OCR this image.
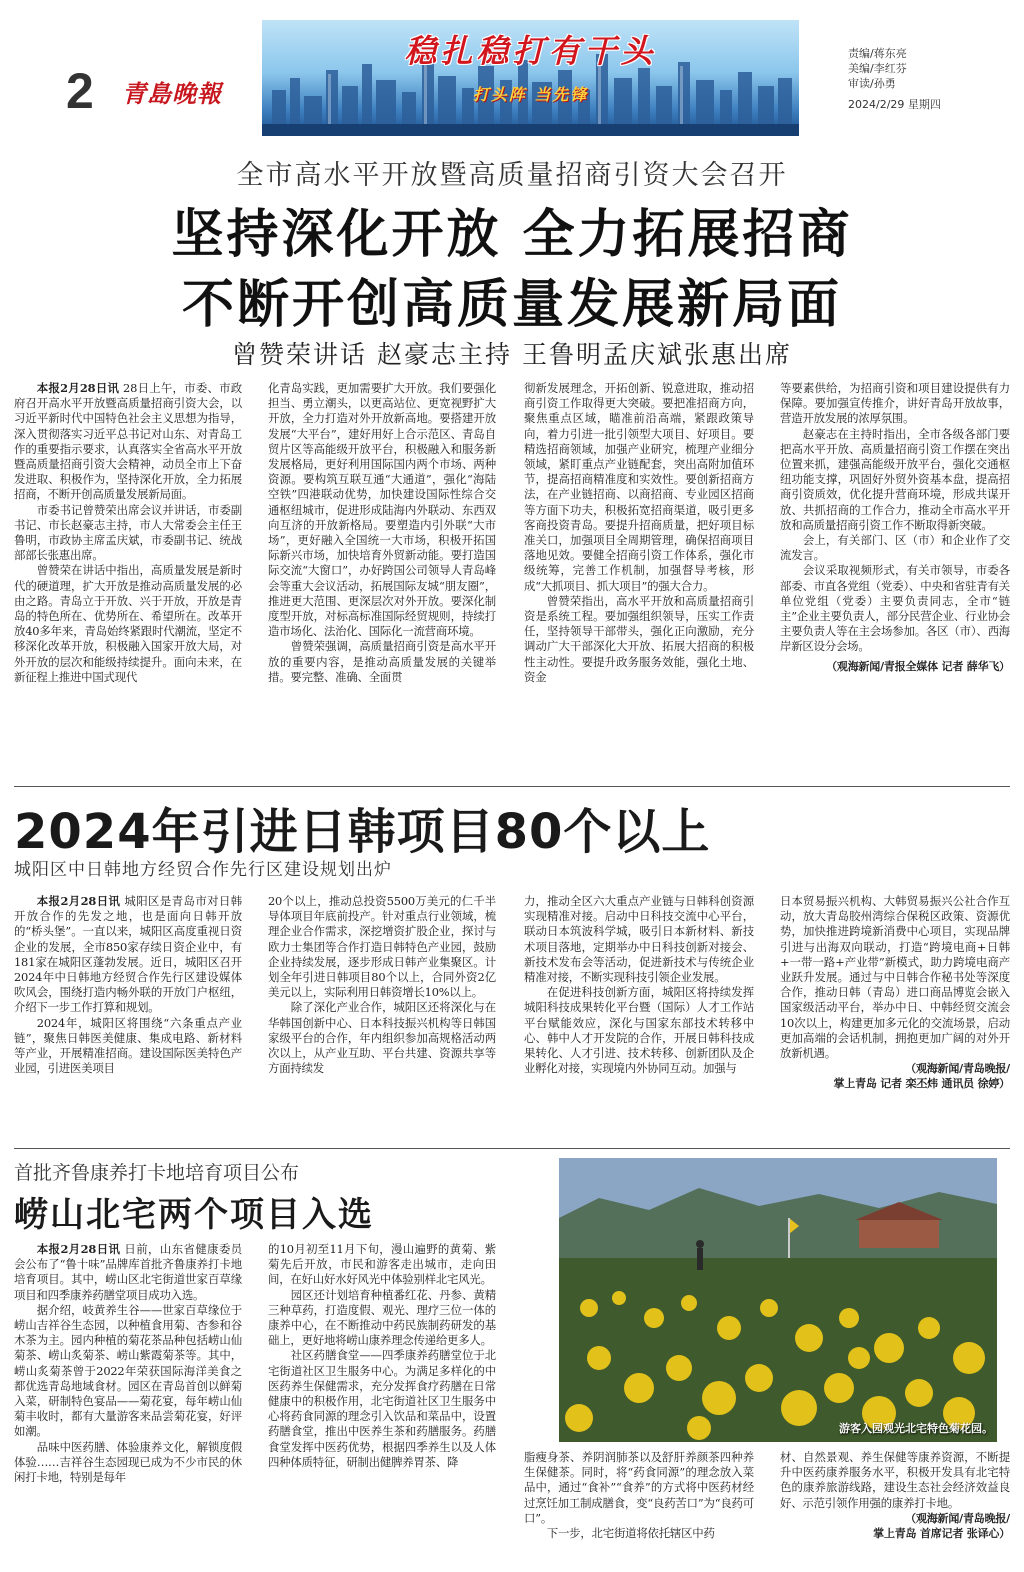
2 青島晚報
稳扎稳打有干头
打头阵 当先锋
责编/蒋东亮
美编/李红芬
审读/孙勇
2024/2/29 星期四
全市高水平开放暨高质量招商引资大会召开
坚持深化开放 全力拓展招商
不断开创高质量发展新局面
曾赞荣讲话 赵豪志主持 王鲁明孟庆斌张惠出席

本报2月28日讯 28日上午，市委、市政府召开高水平开放暨高质量招商引资大会，以习近平新时代中国特色社会主义思想为指导，深入贯彻落实习近平总书记对山东、对青岛工作的重要指示要求，认真落实全省高水平开放暨高质量招商引资大会精神，动员全市上下奋发进取、积极作为，坚持深化开放，全力拓展招商，不断开创高质量发展新局面。

市委书记曾赞荣出席会议并讲话，市委副书记、市长赵豪志主持，市人大常委会主任王鲁明，市政协主席孟庆斌，市委副书记、统战部部长张惠出席。

曾赞荣在讲话中指出，高质量发展是新时代的硬道理，扩大开放是推动高质量发展的必由之路。青岛立于开放、兴于开放，开放是青岛的特色所在、优势所在、希望所在。改革开放40多年来，青岛始终紧跟时代潮流，坚定不移深化改革开放，积极融入国家开放大局，对外开放的层次和能级持续提升。面向未来，在新征程上推进中国式现代

化青岛实践，更加需要扩大开放。我们要强化担当、勇立潮头，以更高站位、更宽视野扩大开放，全力打造对外开放新高地。要搭建开放发展“大平台”，建好用好上合示范区、青岛自贸片区等高能级开放平台，积极融入和服务新发展格局，更好利用国际国内两个市场、两种资源。要构筑互联互通“大通道”，强化“海陆空铁”四港联动优势，加快建设国际性综合交通枢纽城市，促进形成陆海内外联动、东西双向互济的开放新格局。要塑造内引外联“大市场”，更好融入全国统一大市场，积极开拓国际新兴市场，加快培育外贸新动能。要打造国际交流“大窗口”，办好跨国公司领导人青岛峰会等重大会议活动，拓展国际友城“朋友圈”，推进更大范围、更深层次对外开放。要深化制度型开放，对标高标准国际经贸规则，持续打造市场化、法治化、国际化一流营商环境。

曾赞荣强调，高质量招商引资是高水平开放的重要内容，是推动高质量发展的关键举措。要完整、准确、全面贯

彻新发展理念，开拓创新、锐意进取，推动招商引资工作取得更大突破。要把准招商方向，聚焦重点区域，瞄准前沿高端，紧跟政策导向，着力引进一批引领型大项目、好项目。要精选招商领域，加强产业研究，梳理产业细分领域，紧盯重点产业链配套，突出高附加值环节，提高招商精准度和实效性。要创新招商方法，在产业链招商、以商招商、专业园区招商等方面下功夫，积极拓宽招商渠道，吸引更多客商投资青岛。要提升招商质量，把好项目标准关口，加强项目全周期管理，确保招商项目落地见效。要健全招商引资工作体系，强化市级统筹，完善工作机制，加强督导考核，形成“大抓项目、抓大项目”的强大合力。

曾赞荣指出，高水平开放和高质量招商引资是系统工程。要加强组织领导，压实工作责任，坚持领导干部带头，强化正向激励，充分调动广大干部深化大开放、拓展大招商的积极性主动性。要提升政务服务效能，强化土地、资金

等要素供给，为招商引资和项目建设提供有力保障。要加强宣传推介，讲好青岛开放故事，营造开放发展的浓厚氛围。

赵豪志在主持时指出，全市各级各部门要把高水平开放、高质量招商引资工作摆在突出位置来抓，建强高能级开放平台，强化交通枢纽功能支撑，巩固好外贸外资基本盘，提高招商引资质效，优化提升营商环境，形成共谋开放、共抓招商的工作合力，推动全市高水平开放和高质量招商引资工作不断取得新突破。

会上，有关部门、区（市）和企业作了交流发言。

会议采取视频形式，有关市领导，市委各部委、市直各党组（党委）、中央和省驻青有关单位党组（党委）主要负责同志，全市“链主”企业主要负责人，部分民营企业、行业协会主要负责人等在主会场参加。各区（市）、西海岸新区设分会场。

（观海新闻/青报全媒体 记者 薛华飞）
2024年引进日韩项目80个以上
城阳区中日韩地方经贸合作先行区建设规划出炉

本报2月28日讯 城阳区是青岛市对日韩开放合作的先发之地，也是面向日韩开放的“桥头堡”。一直以来，城阳区高度重视日资企业的发展，全市850家存续日资企业中，有181家在城阳区蓬勃发展。近日，城阳区召开2024年中日韩地方经贸合作先行区建设媒体吹风会，围绕打造内畅外联的开放门户枢纽，介绍下一步工作打算和规划。

2024年，城阳区将围绕“六条重点产业链”，聚焦日韩医美健康、集成电路、新材料等产业，开展精准招商。建设国际医美特色产业园，引进医美项目

20个以上，推动总投资5500万美元的仁千半导体项目年底前投产。针对重点行业领域，梳理企业合作需求，深挖增资扩股企业，探讨与欧力士集团等合作打造日韩特色产业园，鼓励企业持续发展，逐步形成日韩产业集聚区。计划全年引进日韩项目80个以上，合同外资2亿美元以上，实际利用日韩资增长10%以上。

除了深化产业合作，城阳区还将深化与在华韩国创新中心、日本科技振兴机构等日韩国家级平台的合作，年内组织参加高规格活动两次以上，从产业互助、平台共建、资源共享等方面持续发

力，推动全区六大重点产业链与日韩科创资源实现精准对接。启动中日科技交流中心平台，联动日本筑波科学城，吸引日本新材料、新技术项目落地，定期举办中日科技创新对接会、新技术发布会等活动，促进新技术与传统企业精准对接，不断实现科技引领企业发展。

在促进科技创新方面，城阳区将持续发挥城阳科技成果转化平台暨（国际）人才工作站平台赋能效应，深化与国家东部技术转移中心、韩中人才开发院的合作，开展日韩科技成果转化、人才引进、技术转移、创新团队及企业孵化对接，实现境内外协同互动。加强与

日本贸易振兴机构、大韩贸易振兴公社合作互动，放大青岛胶州湾综合保税区政策、资源优势，加快推进跨境新消费中心项目，实现品牌引进与出海双向联动，打造“跨境电商+日韩+一带一路+产业带”新模式，助力跨境电商产业跃升发展。通过与中日韩合作秘书处等深度合作，推动日韩（青岛）进口商品博览会嵌入国家级活动平台，举办中日、中韩经贸交流会10次以上，构建更加多元化的交流场景，启动更加高端的会话机制，拥抱更加广阔的对外开放新机遇。

（观海新闻/青岛晚报/
掌上青岛 记者 栾丕炜 通讯员 徐婷）
首批齐鲁康养打卡地培育项目公布
崂山北宅两个项目入选

本报2月28日讯 日前，山东省健康委员会公布了“鲁十味”品牌库首批齐鲁康养打卡地培育项目。其中，崂山区北宅街道世家百草缘项目和四季康养药膳堂项目成功入选。

据介绍，岐黄养生谷——世家百草缘位于崂山吉祥谷生态园，以种植食用菊、杏参和谷木茶为主。园内种植的菊花茶品种包括崂山仙菊茶、崂山炙菊茶、崂山紫霞菊茶等。其中，崂山炙菊茶曾于2022年荣获国际海洋美食之都优选青岛地域食材。园区在青岛首创以鲜菊入菜，研制特色宴品——菊花宴，每年崂山仙菊丰收时，都有大量游客来品尝菊花宴，好评如潮。

品味中医药膳、体验康养文化，解锁度假体验……吉祥谷生态园现已成为不少市民的休闲打卡地，特别是每年

的10月初至11月下旬，漫山遍野的黄菊、紫菊先后开放，市民和游客走出城市，走向田间，在好山好水好风光中体验别样北宅风光。

园区还计划培育种植番红花、丹参、黄精三种草药，打造度假、观光、理疗三位一体的康养中心，在不断推动中药民族制药研发的基础上，更好地将崂山康养理念传递给更多人。

社区药膳食堂——四季康养药膳堂位于北宅街道社区卫生服务中心。为满足多样化的中医药养生保健需求，充分发挥食疗药膳在日常健康中的积极作用，北宅街道社区卫生服务中心将药食同源的理念引入饮品和菜品中，设置药膳食堂，推出中医养生茶和药膳服务。药膳食堂发挥中医药优势，根据四季养生以及人体四种体质特征，研制出健脾养胃茶、降

游客入园观光北宅特色菊花园。

脂瘦身茶、养阴润肺茶以及舒肝养颜茶四种养生保健茶。同时，将“药食同源”的理念放入菜品中，通过“食补”“食养”的方式将中医药材经过烹饪加工制成膳食，变“良药苦口”为“良药可口”。

下一步，北宅街道将依托辖区中药

材、自然景观、养生保健等康养资源，不断提升中医药康养服务水平，积极开发具有北宅特色的康养旅游线路，建设生态社会经济效益良好、示范引领作用强的康养打卡地。

（观海新闻/青岛晚报/
掌上青岛 首席记者 张译心）
